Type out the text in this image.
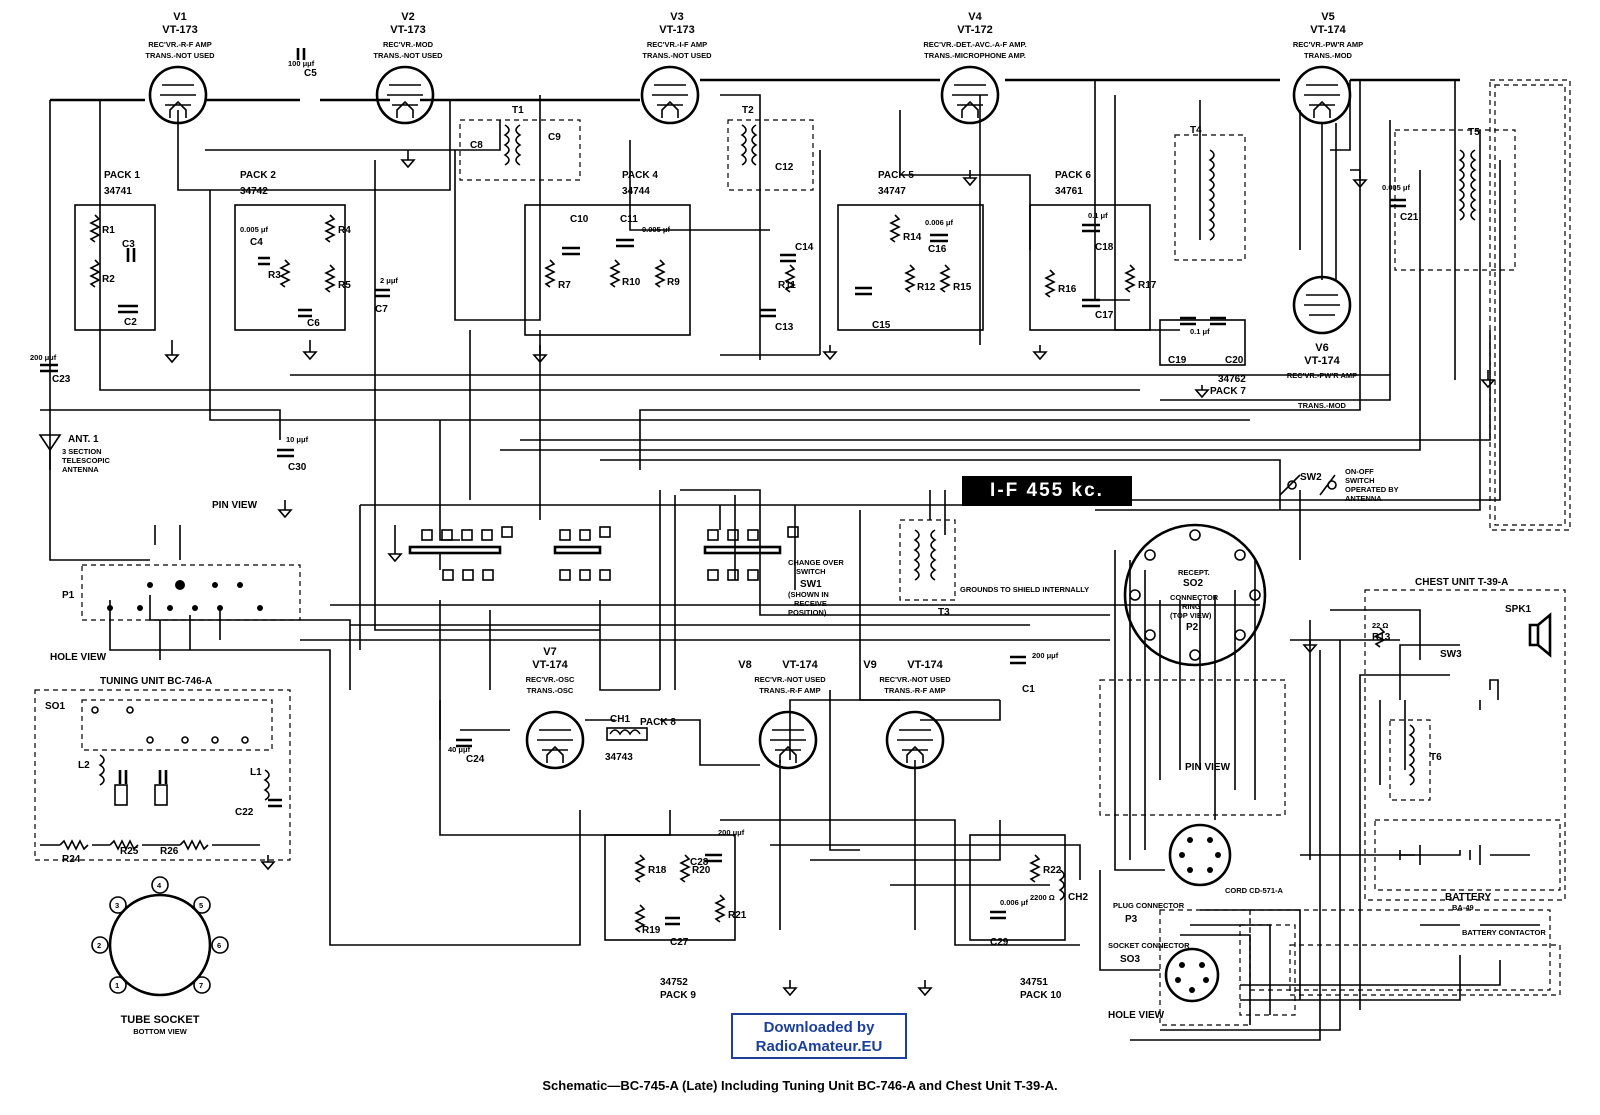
V1
VT-173
REC'VR.-R-F AMP
TRANS.-NOT USED
V2
VT-173
REC'VR.-MOD
TRANS.-NOT USED
V3
VT-173
REC'VR.-I-F AMP
TRANS.-NOT USED
V4
VT-172
REC'VR.-DET.-AVC.-A-F AMP.
TRANS.-MICROPHONE AMP.
V5
VT-174
REC'VR.-PW'R AMP
TRANS.-MOD
V6
VT-174
REC'VR.-PW'R AMP
TRANS.-MOD
V7
VT-174
REC'VR.-OSC
TRANS.-OSC
V8	VT-174
REC'VR.-NOT USED
TRANS.-R-F AMP
V9	VT-174
REC'VR.-NOT USED
TRANS.-R-F AMP
PACK 1
34741
PACK 2
34742
PACK 4
34744
PACK 5
34747
PACK 6
34761
34762
PACK 7
PACK 8
34743
34752
PACK 9
34751
PACK 10
R1
R2	R3
R4
R5	R7	R10	R9	R11
R14
R12 R15	R16	R17
R18
R19
R20
R21
R22
R13
22 Ω
R24
R25 R26
2200 Ω
C3
C2
C5
100 μμf
C4
0.005 μf
C6
C7
2 μμf
C23
200 μμf
C30
10 μμf
C8
C9
C10	C11
0.005 μf
C12
C14
C13	C15
C16
0.006 μf
C18
0.1 μf
C17
C19	C20
0.1 μf
C21
0.005 μf
C24
40 μμf
C1
200 μμf
C28
200 μμf
C27	C29
0.006 μf
C22
T1	T2
T3
T4	T5
T6
CH1
CH2
L2
L1
ANT. 1
3 SECTION
TELESCOPIC
ANTENNA
CHANGE OVER
SWITCH
SW1
(SHOWN IN
RECEIVE
POSITION)
GROUNDS TO SHIELD INTERNALLY
SW2
ON-OFF
SWITCH
OPERATED BY
ANTENNA
P1
PIN VIEW
TUNING UNIT BC-746-A
HOLE VIEW
SO1
1
2
3
4
5
6
7
TUBE SOCKET
BOTTOM VIEW
RECEPT.
SO2
CONNECTOR
RING
(TOP VIEW)
P2
PIN VIEW
PLUG CONNECTOR
P3
CORD CD-571-A
SOCKET CONNECTOR
SO3
HOLE VIEW
CHEST UNIT T-39-A
SPK1
SW3
BATTERY
BA-49
BATTERY CONTACTOR
I-F 455 kc.
Downloaded by
RadioAmateur.EU
Schematic—BC-745-A (Late) Including Tuning Unit BC-746-A and Chest Unit T-39-A.
